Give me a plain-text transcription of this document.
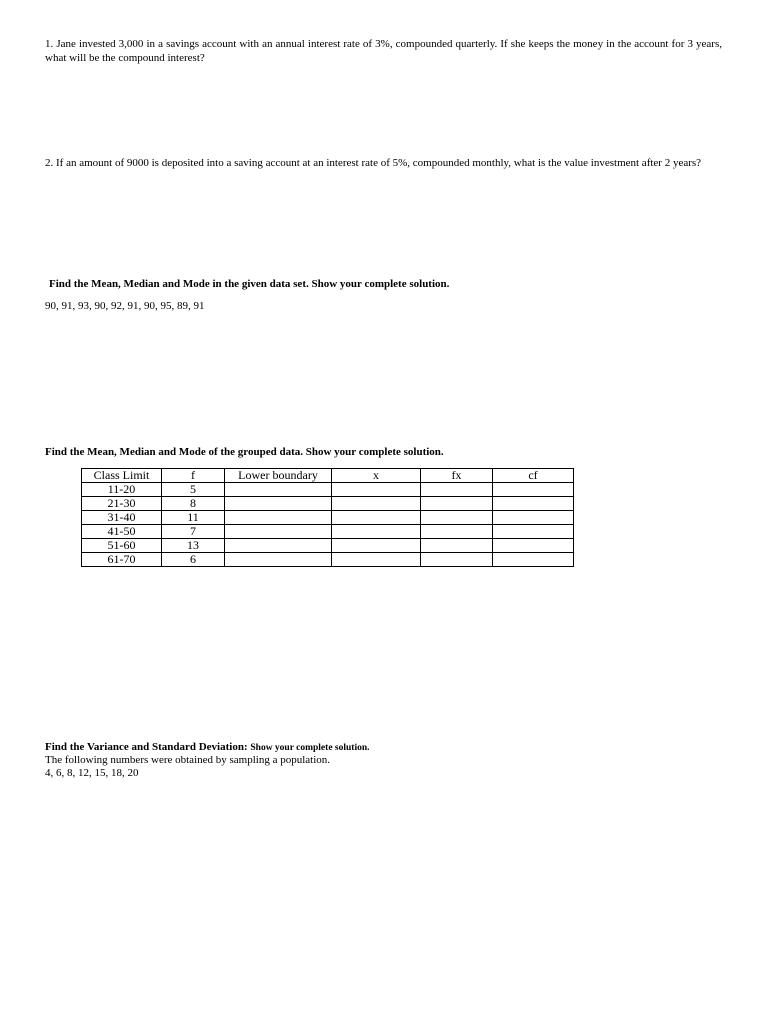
1. Jane invested 3,000 in a savings account with an annual interest rate of 3%, compounded quarterly. If she keeps the money in the account for 3 years, what will be the compound interest?
2. If an amount of 9000 is deposited into a saving account at an interest rate of 5%, compounded monthly, what is the value investment after 2 years?
Find the Mean, Median and Mode in the given data set. Show your complete solution.
90, 91, 93, 90, 92, 91, 90, 95, 89, 91
Find the Mean, Median and Mode of the grouped data. Show your complete solution.
Class Limit	f	Lower boundary	x	fx	cf
11-20	5				
21-30	8				
31-40	11				
41-50	7				
51-60	13				
61-70	6				
Find the Variance and Standard Deviation: Show your complete solution.
The following numbers were obtained by sampling a population.
4, 6, 8, 12, 15, 18, 20
